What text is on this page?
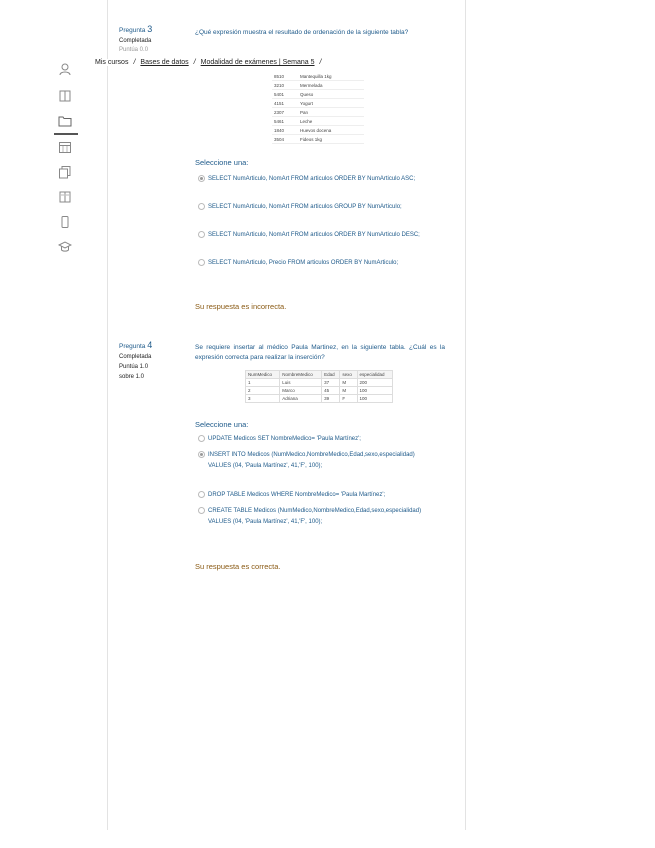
Pregunta 3
Completada
Puntúa 0.0
¿Qué expresión muestra el resultado de ordenación de la siguiente tabla?
Mis cursos / Bases de datos / Modalidad de exámenes | Semana 5 /
8510	Mantequilla 1kg
3210	Mermelada
5401	Queso
4151	Yogurt
2307	Pan
5461	Leche
1840	Huevos docena
3504	Fideos 1kg
Seleccione una:
SELECT NumArticulo, NomArt FROM articulos ORDER BY NumArticulo ASC;
SELECT NumArticulo, NomArt FROM articulos GROUP BY NumArticulo;
SELECT NumArticulo, NomArt FROM articulos ORDER BY NumArticulo DESC;
SELECT NumArticulo, Precio FROM articulos ORDER BY NumArticulo;
Su respuesta es incorrecta.
Pregunta 4
Completada
Puntúa 1.0
sobre 1.0
Se requiere insertar al médico Paula Martinez, en la siguiente tabla. ¿Cuál es la expresión correcta para realizar la inserción?
NumMedico	NombreMedico	Edad	sexo	especialidad
1	Luis	37	M	200
2	Marco	45	M	100
3	Adriana	39	F	100
Seleccione una:
UPDATE Medicos SET NombreMedico= 'Paula Martínez';
INSERT INTO Medicos (NumMedico,NombreMedico,Edad,sexo,especialidad) VALUES (04, 'Paula Martínez', 41,'F', 100);
DROP TABLE Medicos WHERE NombreMedico= 'Paula Martínez';
CREATE TABLE Medicos (NumMedico,NombreMedico,Edad,sexo,especialidad) VALUES (04, 'Paula Martínez', 41,'F', 100);
Su respuesta es correcta.
